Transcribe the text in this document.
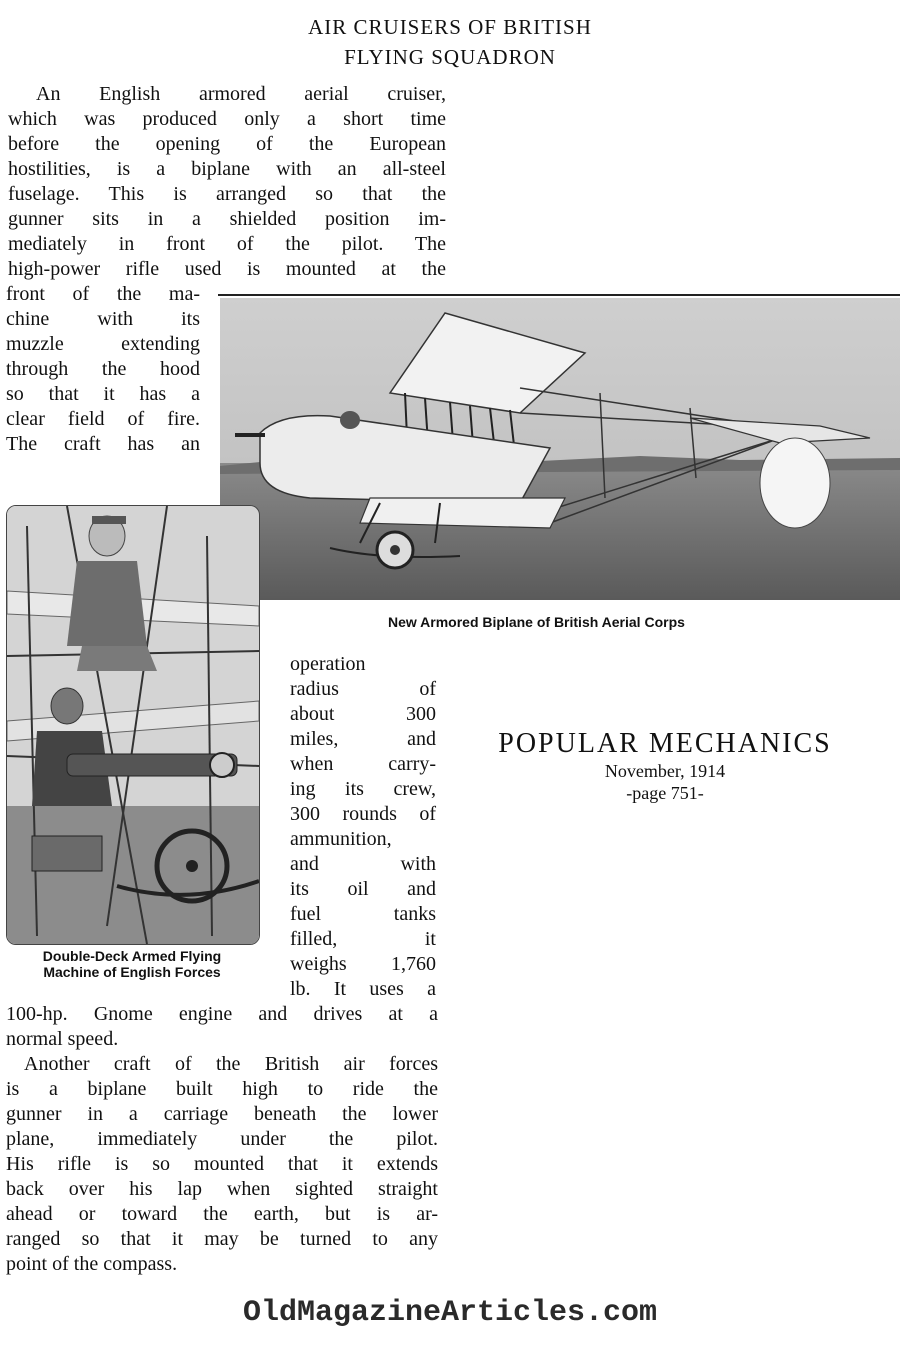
AIR CRUISERS OF BRITISH
FLYING SQUADRON
An English armored aerial cruiser,
which was produced only a short time
before the opening of the European
hostilities, is a biplane with an all-steel
fuselage. This is arranged so that the
gunner sits in a shielded position im-
mediately in front of the pilot. The
high-power rifle used is mounted at the
front of the ma-
chine with its
muzzle extending
through the hood
so that it has a
clear field of fire.
The craft has an
New Armored Biplane of British Aerial Corps
operation
radius of
about 300
miles, and
when carry-
ing its crew,
300 rounds of
ammunition,
and with
its oil and
fuel tanks
filled, it
weighs 1,760
lb. It uses a
Double-Deck Armed Flying
Machine of English Forces
POPULAR MECHANICS
November, 1914
-page 751-
100-hp. Gnome engine and drives at a
normal speed.
Another craft of the British air forces
is a biplane built high to ride the
gunner in a carriage beneath the lower
plane, immediately under the pilot.
His rifle is so mounted that it extends
back over his lap when sighted straight
ahead or toward the earth, but is ar-
ranged so that it may be turned to any
point of the compass.
OldMagazineArticles.com
